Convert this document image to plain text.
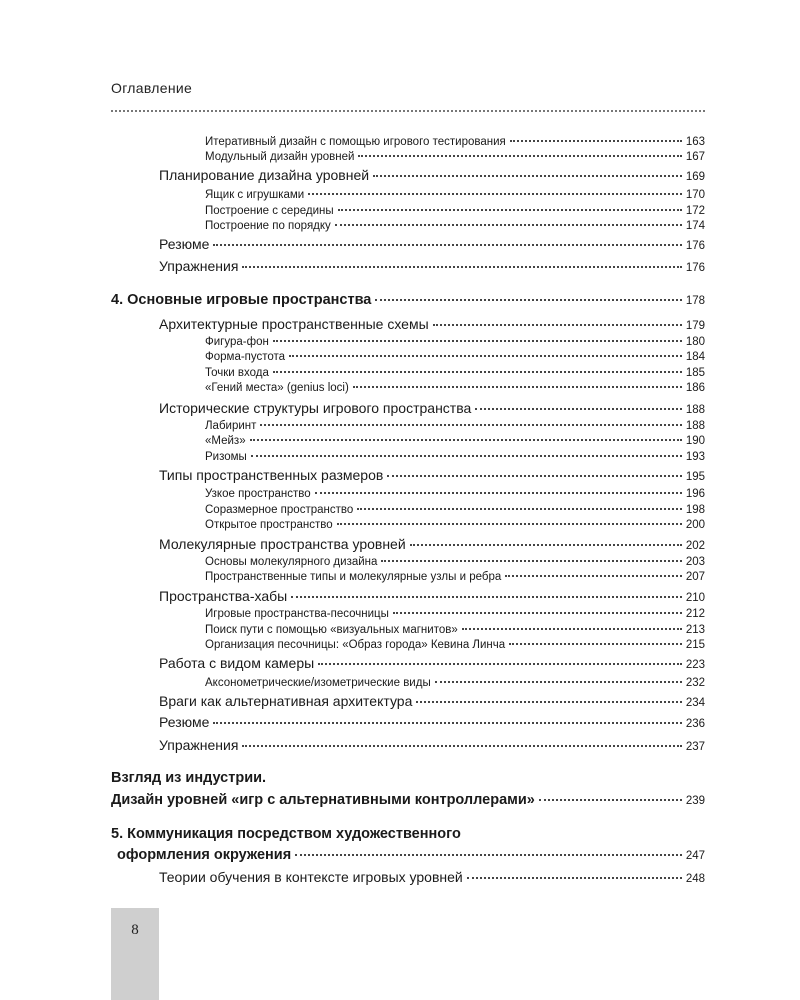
Оглавление
Итеративный дизайн с помощью игрового тестирования	163
Модульный дизайн уровней	167
Планирование дизайна уровней	169
Ящик с игрушками	170
Построение с середины	172
Построение по порядку	174
Резюме	176
Упражнения	176
4. Основные игровые пространства	178
Архитектурные пространственные схемы	179
Фигура-фон	180
Форма-пустота	184
Точки входа	185
«Гений места» (genius loci)	186
Исторические структуры игрового пространства	188
Лабиринт	188
«Мейз»	190
Ризомы	193
Типы пространственных размеров	195
Узкое пространство	196
Соразмерное пространство	198
Открытое пространство	200
Молекулярные пространства уровней	202
Основы молекулярного дизайна	203
Пространственные типы и молекулярные узлы и ребра	207
Пространства-хабы	210
Игровые пространства-песочницы	212
Поиск пути с помощью «визуальных магнитов»	213
Организация песочницы: «Образ города» Кевина Линча	215
Работа с видом камеры	223
Аксонометрические/изометрические виды	232
Враги как альтернативная архитектура	234
Резюме	236
Упражнения	237
Взгляд из индустрии.
Дизайн уровней «игр с альтернативными контроллерами»	239
5. Коммуникация посредством художественного
оформления окружения	247
Теории обучения в контексте игровых уровней	248
8
